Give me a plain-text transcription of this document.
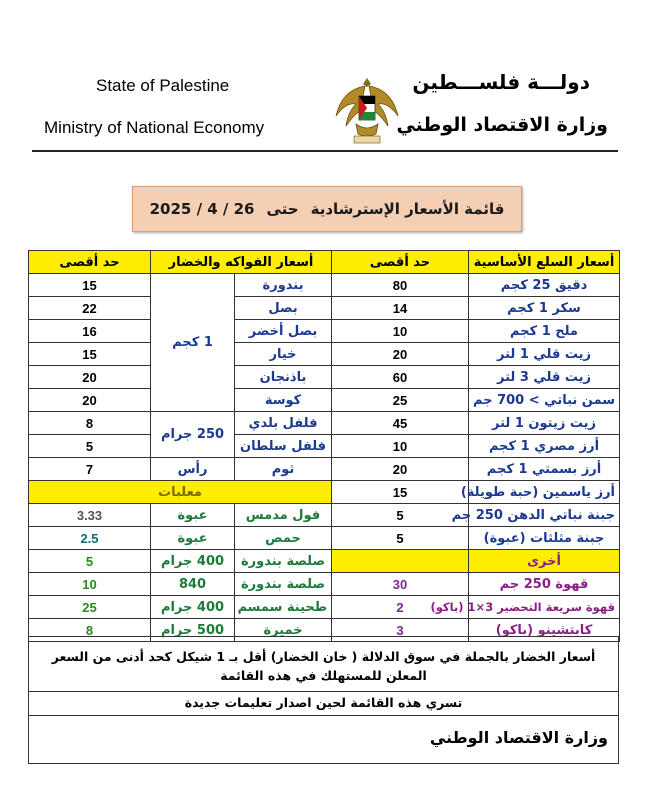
State of Palestine
Ministry of National Economy
دولـــة فلســـطين
وزارة الاقتصاد الوطني
قائمة الأسعار الإسترشادية
حتى
2025 / 4 / 26
أسعار السلع الأساسية	حد أقصى	أسعار الفواكه والخضار		حد أقصى
دقيق 25 كجم	80	بندورة	1 كجم	15
سكر 1 كجم	14	بصل		22
ملح 1 كجم	10	بصل أخضر		16
زيت قلي 1 لتر	20	خيار		15
زيت قلي 3 لتر	60	باذنجان		20
سمن نباتي > 700 جم	25	كوسة		20
زيت زيتون 1 لتر	45	فلفل بلدي	250 جرام	8
أرز مصري 1 كجم	10	فلفل سلطان		5
أرز بسمتي 1 كجم	20	ثوم	رأس	7
أرز ياسمين (حبة طويلة)	15	معلبات		
جبنة نباتي الدهن 250 جم	5	فول مدمس	عبوة	3.33
جبنة مثلثات (عبوة)	5	حمص	عبوة	2.5
أخرى		صلصة بندورة	400 جرام	5
قهوة 250 جم	30	صلصة بندورة	840	10
قهوة سريعة التحضير 3×1 (باكو)	2	طحينة سمسم	400 جرام	25
كابتشينو (باكو)	3	خميرة	500 جرام	8
أسعار الخضار بالجملة في سوق الدلالة ( خان الخضار) أقل بـ 1 شيكل كحد أدنى من السعر المعلن للمستهلك في هذه القائمة
تسري هذه القائمة لحين اصدار تعليمات جديدة
وزارة الاقتصاد الوطني
